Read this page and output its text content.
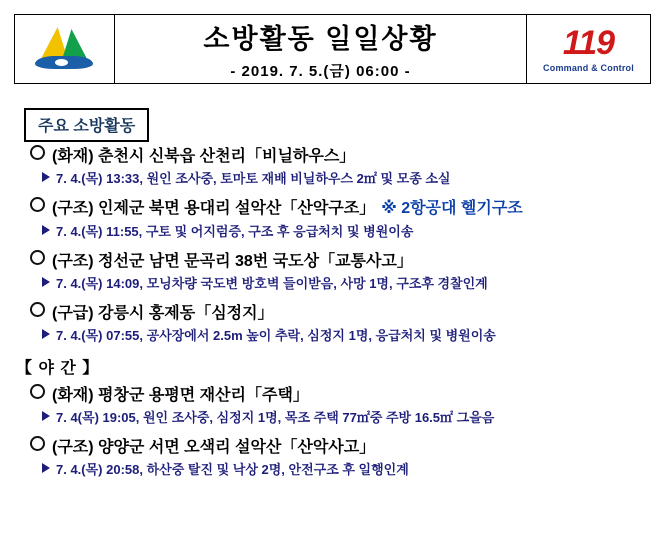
소방활동 일일상황
- 2019. 7. 5.(금) 06:00 -
119
Command & Control
주요 소방활동
(화재) 춘천시 신북읍 산천리「비닐하우스」
7. 4.(목) 13:33, 원인 조사중, 토마토 재배 비닐하우스 2㎡ 및 모종 소실
(구조) 인제군 북면 용대리 설악산「산악구조」 ※ 2항공대 헬기구조
7. 4.(목) 11:55, 구토 및 어지럼증, 구조 후 응급처치 및 병원이송
(구조) 정선군 남면 문곡리 38번 국도상「교통사고」
7. 4.(목) 14:09, 모닝차량 국도변 방호벽 들이받음, 사망 1명, 구조후 경찰인계
(구급) 강릉시 홍제동「심정지」
7. 4.(목) 07:55, 공사장에서 2.5m 높이 추락, 심정지 1명, 응급처치 및 병원이송
【 야 간 】
(화재) 평창군 용평면 재산리「주택」
7. 4(목) 19:05, 원인 조사중, 심정지 1명, 목조 주택 77㎡중 주방 16.5㎡ 그을음
(구조) 양양군 서면 오색리 설악산「산악사고」
7. 4.(목) 20:58, 하산중 탈진 및 낙상 2명, 안전구조 후 일행인계
